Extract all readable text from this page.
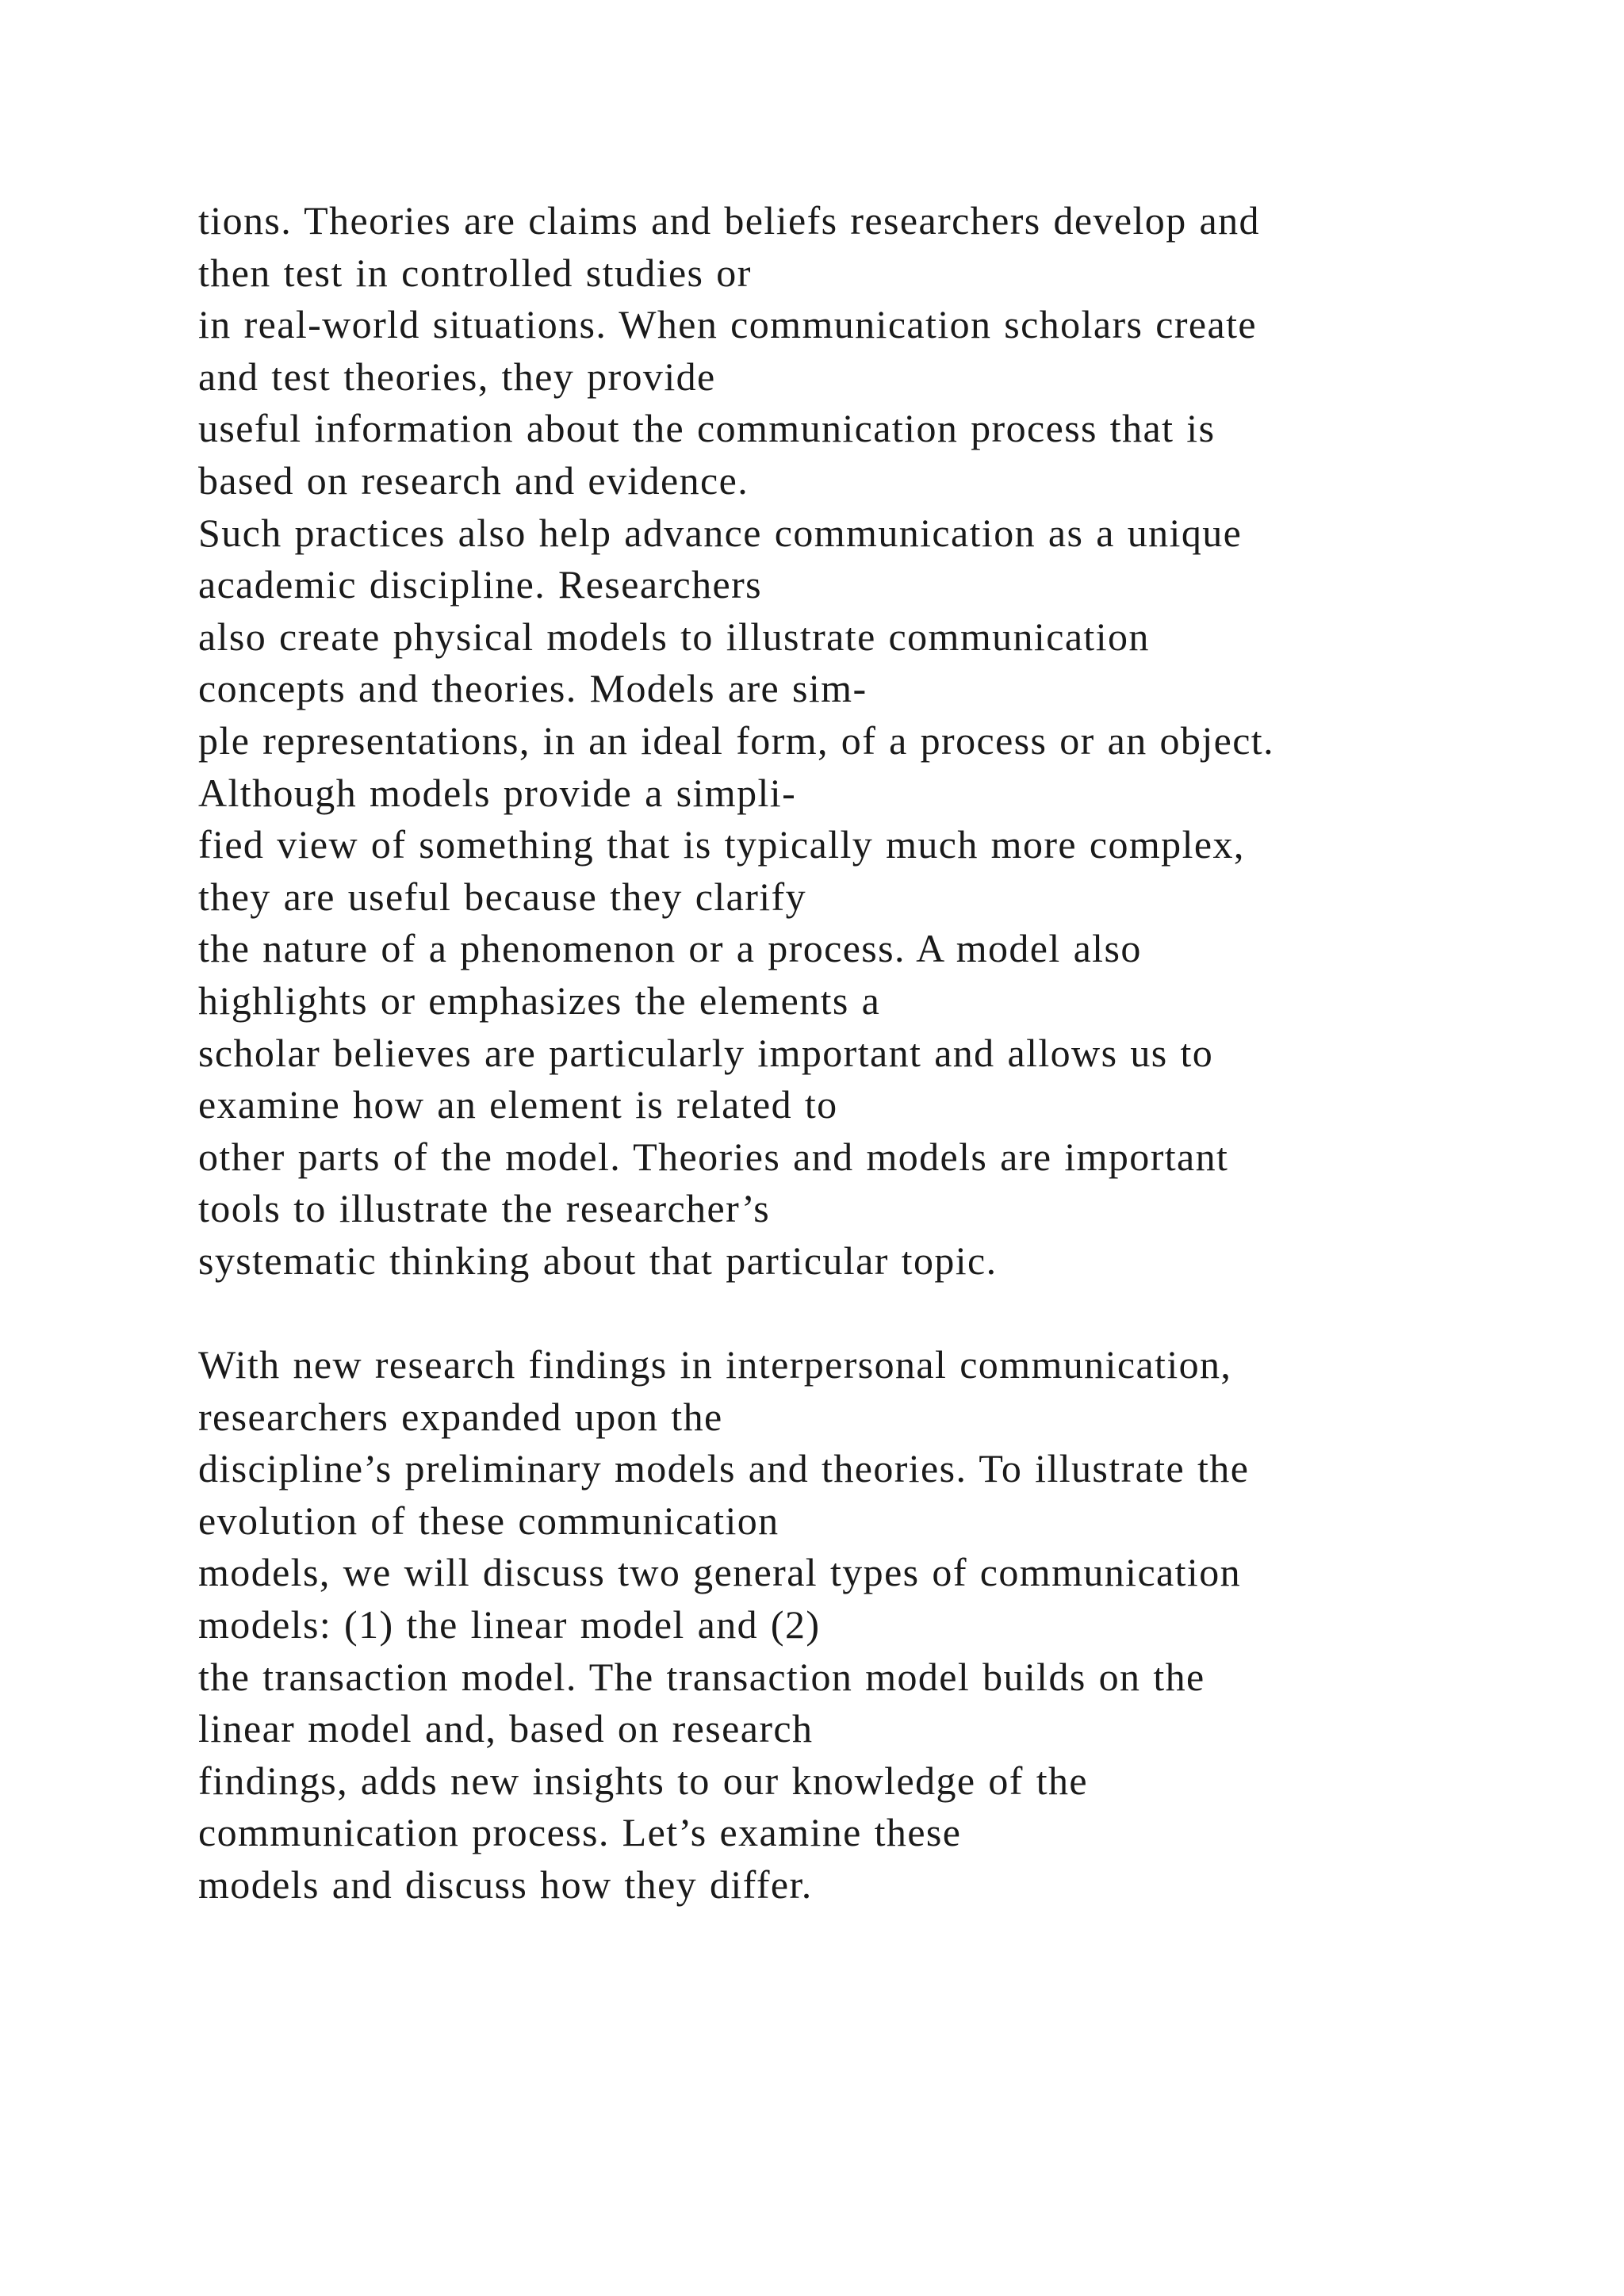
tions. Theories are claims and beliefs researchers develop and
then test in controlled studies or
in real-world situations. When communication scholars create
and test theories, they provide
useful information about the communication process that is
based on research and evidence.
Such practices also help advance communication as a unique
academic discipline. Researchers
also create physical models to illustrate communication
concepts and theories. Models are sim-
ple representations, in an ideal form, of a process or an object.
Although models provide a simpli-
fied view of something that is typically much more complex,
they are useful because they clarify
the nature of a phenomenon or a process. A model also
highlights or emphasizes the elements a
scholar believes are particularly important and allows us to
examine how an element is related to
other parts of the model. Theories and models are important
tools to illustrate the researcher’s
systematic thinking about that particular topic.
With new research findings in interpersonal communication,
researchers expanded upon the
discipline’s preliminary models and theories. To illustrate the
evolution of these communication
models, we will discuss two general types of communication
models: (1) the linear model and (2)
the transaction model. The transaction model builds on the
linear model and, based on research
findings, adds new insights to our knowledge of the
communication process. Let’s examine these
models and discuss how they differ.
